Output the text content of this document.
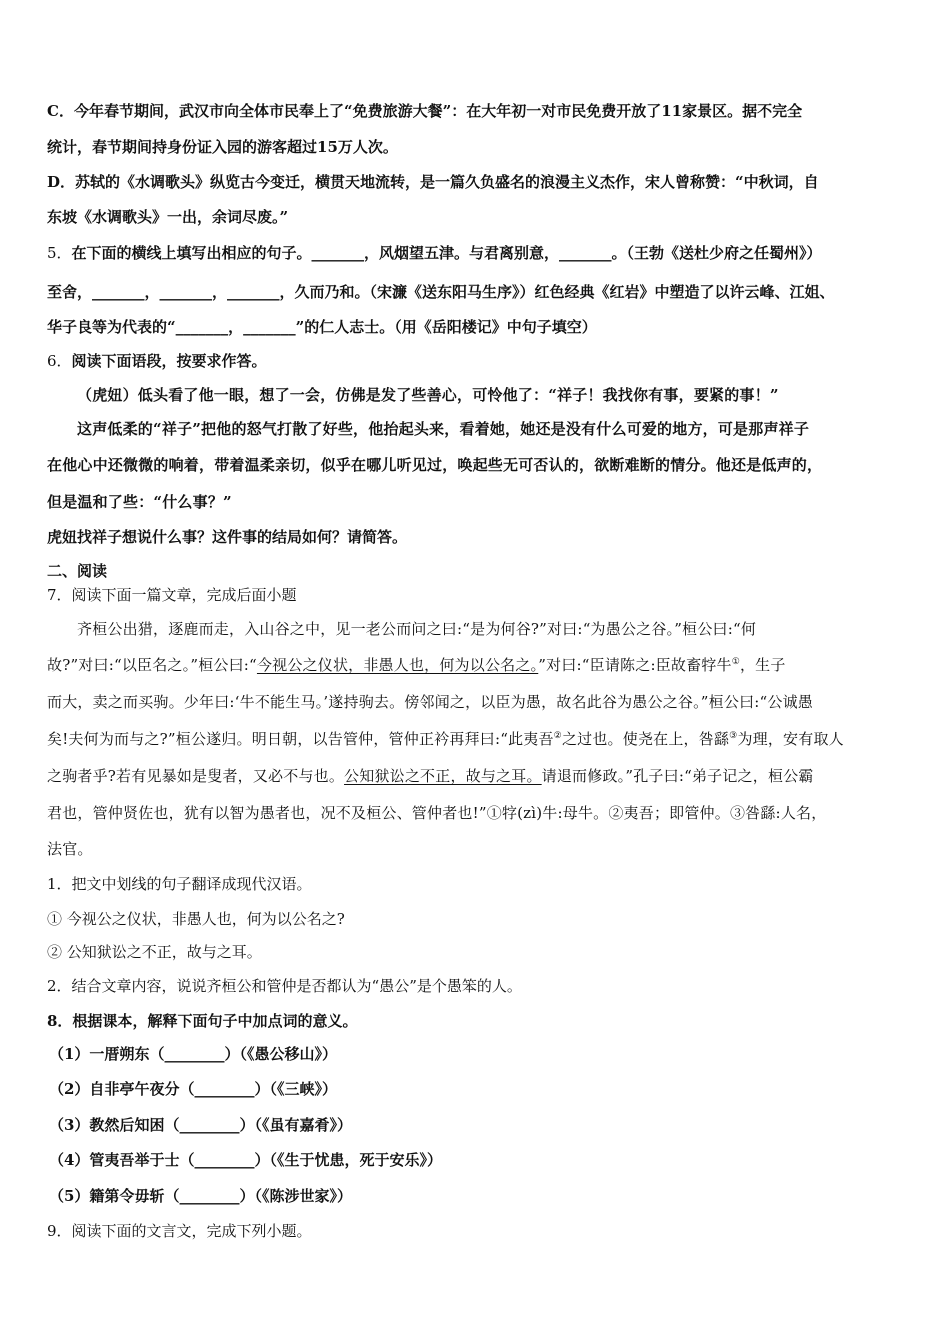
C．今年春节期间，武汉市向全体市民奉上了“免费旅游大餐”：在大年初一对市民免费开放了11家景区。据不完全
统计，春节期间持身份证入园的游客超过15万人次。
D．苏轼的《水调歌头》纵览古今变迁，横贯天地流转，是一篇久负盛名的浪漫主义杰作，宋人曾称赞：“中秋词，自
东坡《水调歌头》一出，余词尽废。”
5．在下面的横线上填写出相应的句子。_______，风烟望五津。与君离别意，_______。（王勃《送杜少府之任蜀州》）
至舍，_______，_______，_______，久而乃和。（宋濂《送东阳马生序》）红色经典《红岩》中塑造了以许云峰、江姐、
华子良等为代表的“_______，_______”的仁人志士。（用《岳阳楼记》中句子填空）
6．阅读下面语段，按要求作答。
（虎妞）低头看了他一眼，想了一会，仿佛是发了些善心，可怜他了：“祥子！我找你有事，要紧的事！”
这声低柔的“祥子”把他的怒气打散了好些，他抬起头来，看着她，她还是没有什么可爱的地方，可是那声祥子
在他心中还微微的响着，带着温柔亲切，似乎在哪儿听见过，唤起些无可否认的，欲断难断的情分。他还是低声的，
但是温和了些：“什么事？”
虎妞找祥子想说什么事？这件事的结局如何？请简答。
二、阅读
7．阅读下面一篇文章，完成后面小题
齐桓公出猎，逐鹿而走，入山谷之中，见一老公而问之曰:“是为何谷?”对曰:“为愚公之谷。”桓公曰:“何
故?”对曰:“以臣名之。”桓公曰:“今视公之仪状，非愚人也，何为以公名之。”对曰:“臣请陈之:臣故畜牸牛①，生子
而大，卖之而买驹。少年曰:‘牛不能生马。’遂持驹去。傍邻闻之，以臣为愚，故名此谷为愚公之谷。”桓公曰:“公诚愚
矣!夫何为而与之?”桓公遂归。明日朝，以告管仲，管仲正衿再拜曰:“此夷吾②之过也。使尧在上，咎繇③为理，安有取人
之驹者乎?若有见暴如是叟者，又必不与也。公知狱讼之不正，故与之耳。请退而修政。”孔子曰:“弟子记之，桓公霸
君也，管仲贤佐也，犹有以智为愚者也，况不及桓公、管仲者也!”①牸(zì)牛:母牛。②夷吾；即管仲。③咎繇:人名，
法官。
1．把文中划线的句子翻译成现代汉语。
① 今视公之仪状，非愚人也，何为以公名之?
② 公知狱讼之不正，故与之耳。
2．结合文章内容，说说齐桓公和管仲是否都认为“愚公”是个愚笨的人。
8．根据课本，解释下面句子中加点词的意义。
（1）一厝朔东（________）（《愚公移山》）
（2）自非亭午夜分（________）（《三峡》）
（3）教然后知困（________）（《虽有嘉肴》）
（4）管夷吾举于士（________）（《生于忧患，死于安乐》）
（5）籍第令毋斩（________）（《陈涉世家》）
9．阅读下面的文言文，完成下列小题。
